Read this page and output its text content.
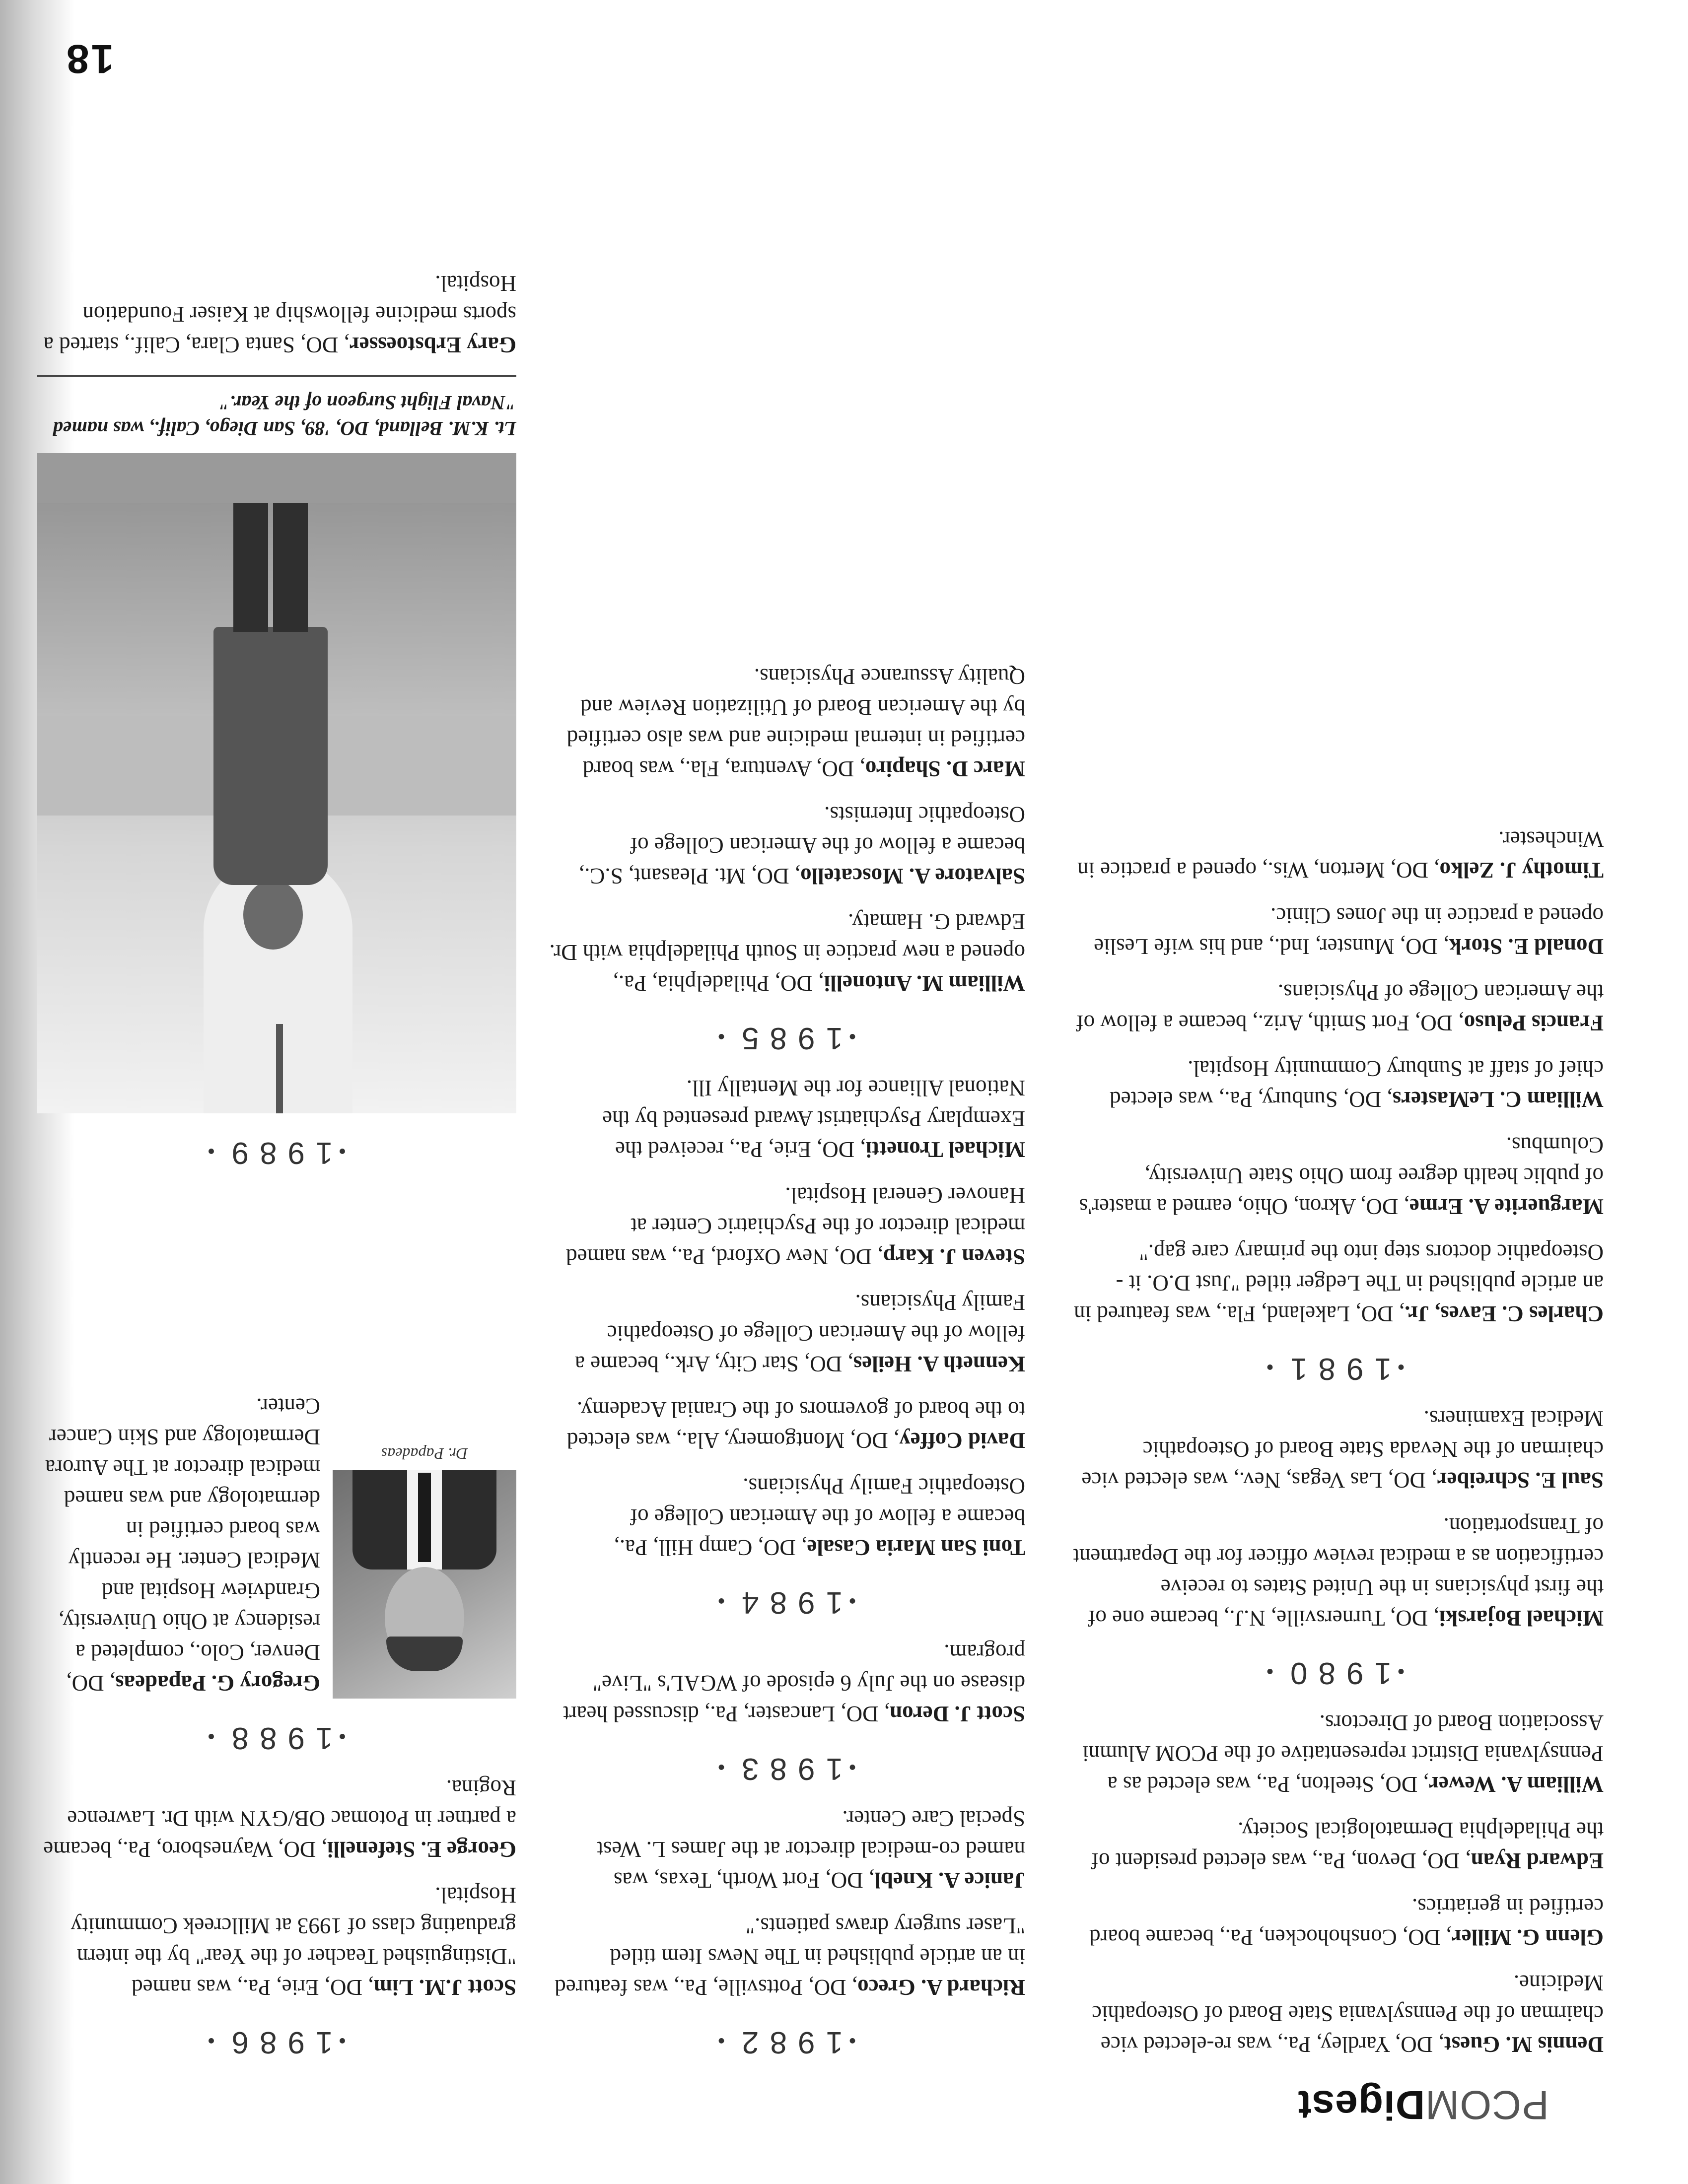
PCOMDigest

Dennis M. Guest, DO, Yardley, Pa., was re-elected vice chairman of the Pennsylvania State Board of Osteopathic Medicine.

Glenn G. Miller, DO, Conshohocken, Pa., became board certified in geriatrics.

Edward Ryan, DO, Devon, Pa., was elected president of the Philadelphia Dermatological Society.

William A. Wewer, DO, Steelton, Pa., was elected as a Pennsylvania District representative of the PCOM Alumni Association Board of Directors.

•1980•

Michael Bojarski, DO, Turnersville, N.J., became one of the first physicians in the United States to receive certification as a medical review officer for the Department of Transportation.

Saul E. Schreiber, DO, Las Vegas, Nev., was elected vice chairman of the Nevada State Board of Osteopathic Medical Examiners.

•1981•

Charles C. Eaves, Jr., DO, Lakeland, Fla., was featured in an article published in The Ledger titled "Just D.O. it - Osteopathic doctors step into the primary care gap."

Marguerite A. Erme, DO, Akron, Ohio, earned a master's of public health degree from Ohio State University, Columbus.

William C. LeMasters, DO, Sunbury, Pa., was elected chief of staff at Sunbury Community Hospital.

Francis Peluso, DO, Fort Smith, Ariz., became a fellow of the American College of Physicians.

Donald E. Stork, DO, Munster, Ind., and his wife Leslie opened a practice in the Jones Clinic.

Timothy J. Zelko, DO, Merton, Wis., opened a practice in Winchester.

•1982•

Richard A. Greco, DO, Pottsville, Pa., was featured in an article published in The News Item titled "Laser surgery draws patients."

Janice A. Knebl, DO, Fort Worth, Texas, was named co-medical director at the James L. West Special Care Center.

•1983•

Scott J. Deron, DO, Lancaster, Pa., discussed heart disease on the July 6 episode of WGAL's "Live" program.

•1984•

Toni San Maria Casale, DO, Camp Hill, Pa., became a fellow of the American College of Osteopathic Family Physicians.

David Coffey, DO, Montgomery, Ala., was elected to the board of governors of the Cranial Academy.

Kenneth A. Heiles, DO, Star City, Ark., became a fellow of the American College of Osteopathic Family Physicians.

Steven J. Karp, DO, New Oxford, Pa., was named medical director of the Psychiatric Center at Hanover General Hospital.

Michael Tronetti, DO, Erie, Pa., received the Exemplary Psychiatrist Award presented by the National Alliance for the Mentally Ill.

•1985•

William M. Antonelli, DO, Philadelphia, Pa., opened a new practice in South Philadelphia with Dr. Edward G. Hamaty.

Salvatore A. Moscatello, DO, Mt. Pleasant, S.C., became a fellow of the American College of Osteopathic Internists.

Marc D. Shapiro, DO, Aventura, Fla., was board certified in internal medicine and was also certified by the American Board of Utilization Review and Quality Assurance Physicians.

•1986•

Scott J.M. Lim, DO, Erie, Pa., was named "Distinguished Teacher of the Year" by the intern graduating class of 1993 at Millcreek Community Hospital.

George E. Stefenelli, DO, Waynesboro, Pa., became a partner in Potomac OB/GYN with Dr. Lawrence Rogina.

•1988•
Dr. Papadeas

Gregory G. Papadeas, DO, Denver, Colo., completed a residency at Ohio University, Grandview Hospital and Medical Center. He recently was board certified in dermatology and was named medical director at The Aurora Dermatology and Skin Cancer Center.

•1989•

Lt. K.M. Belland, DO, '89, San Diego, Calif., was named "Naval Flight Surgeon of the Year."

Gary Erbstoesser, DO, Santa Clara, Calif., started a sports medicine fellowship at Kaiser Foundation Hospital.

18
